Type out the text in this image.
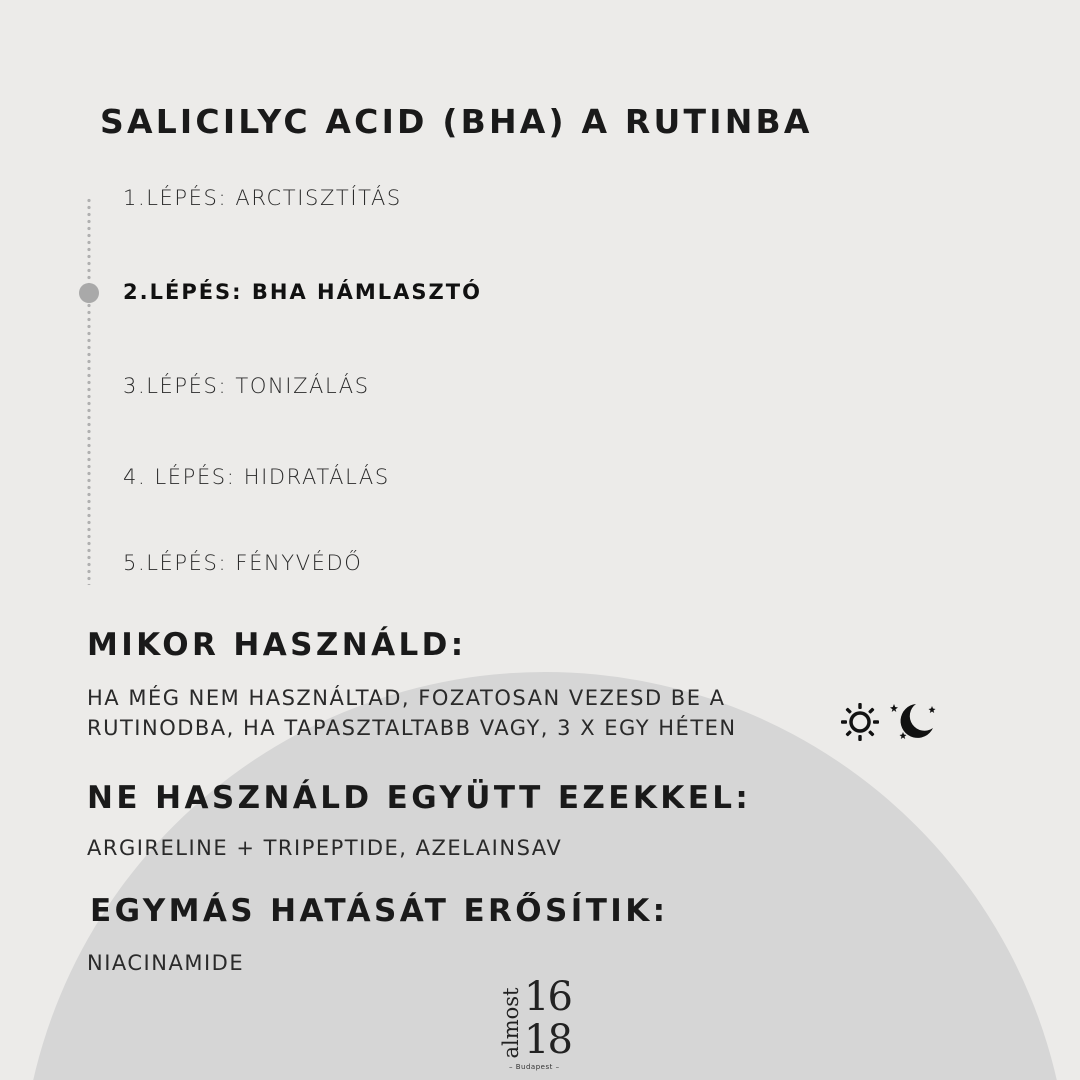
SALICILYC ACID (BHA) A RUTINBA
1.LÉPÉS: ARCTISZTÍTÁS
2.LÉPÉS: BHA HÁMLASZTÓ
3.LÉPÉS: TONIZÁLÁS
4. LÉPÉS: HIDRATÁLÁS
5.LÉPÉS: FÉNYVÉDŐ
MIKOR HASZNÁLD:
HA MÉG NEM HASZNÁLTAD, FOZATOSAN VEZESD BE A
RUTINODBA, HA TAPASZTALTABB VAGY, 3 X EGY HÉTEN
NE HASZNÁLD EGYÜTT EZEKKEL:
ARGIRELINE + TRIPEPTIDE, AZELAINSAV
EGYMÁS HATÁSÁT ERŐSÍTIK:
NIACINAMIDE
almost 16
18
– Budapest –
